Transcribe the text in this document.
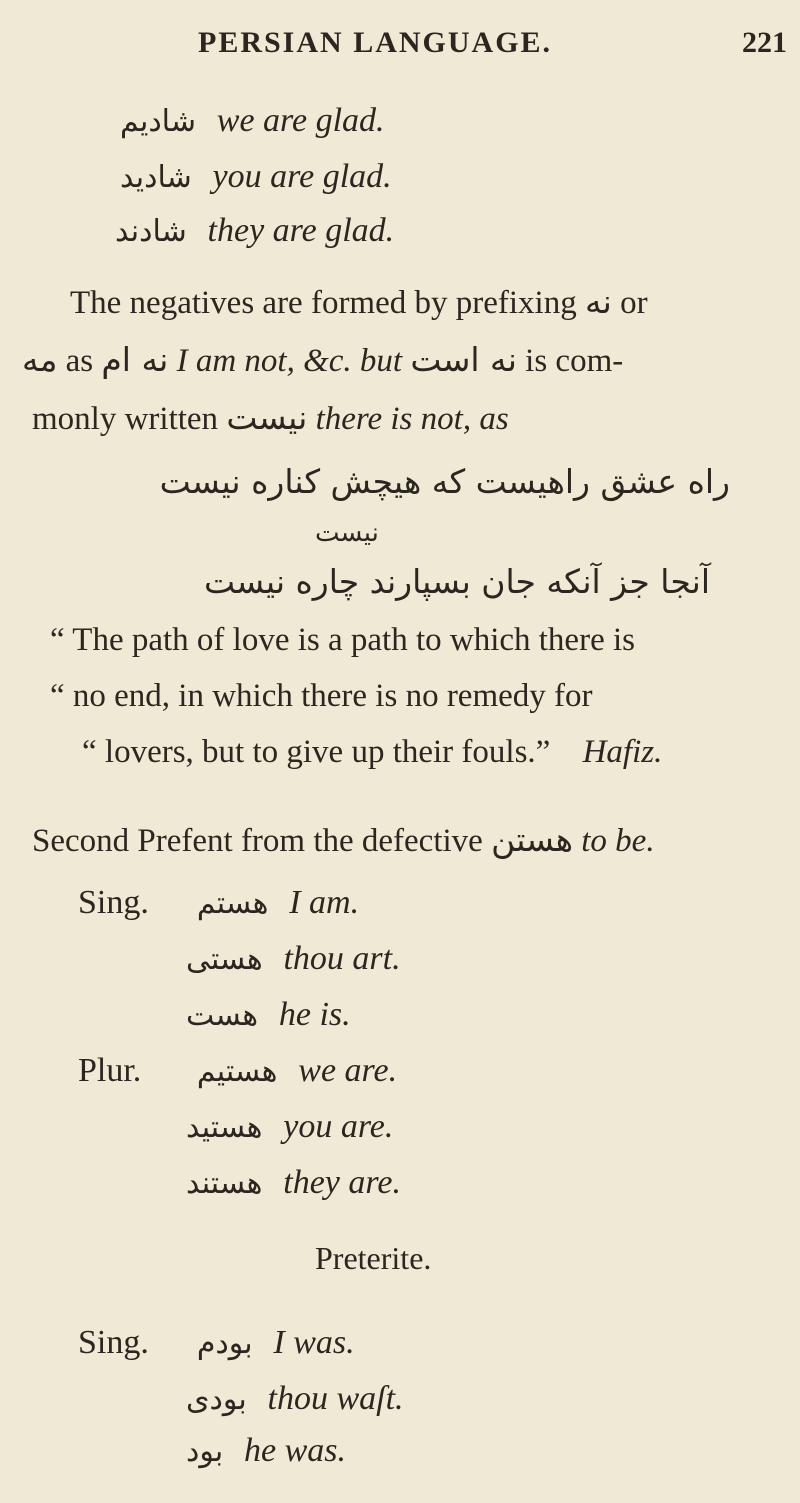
PERSIAN LANGUAGE.	221
شادیم we are glad.
شادید you are glad.
شادند they are glad.
The negatives are formed by prefixing نه or
مه as نه ام I am not, &c. but نه است is com-
monly written نیست there is not, as
راه عشق راهیست که هیچش کناره نیست
نیست
آنجا جز آنکه جان بسپارند چاره نیست
“ The path of love is a path to which there is
“ no end, in which there is no remedy for
“ lovers, but to give up their fouls.” Hafiz.
Second Prefent from the defective هستن to be.
Sing. هستم I am.
هستی thou art.
هست he is.
Plur. هستیم we are.
هستید you are.
هستند they are.
Preterite.
Sing. بودم I was.
بودی thou waſt.
بود he was.
